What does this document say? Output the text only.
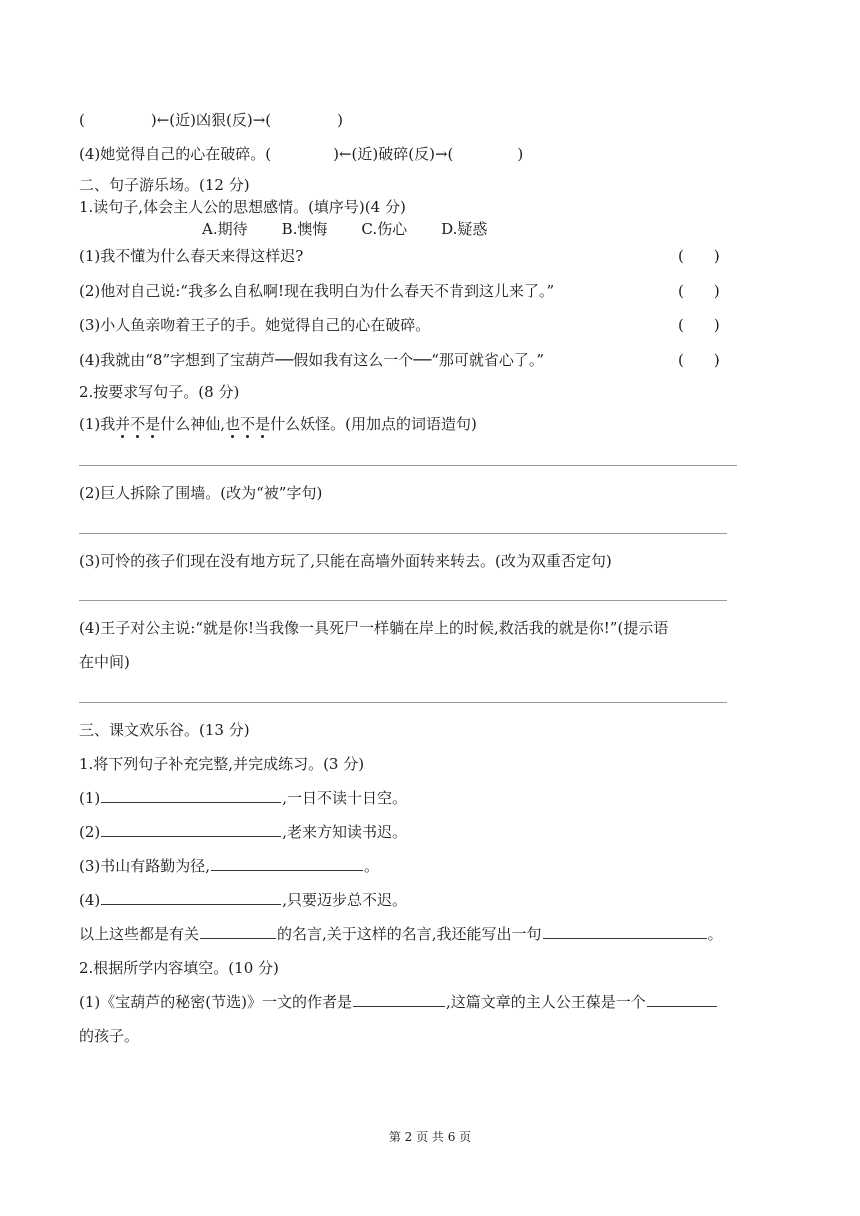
(	)←(近)凶狠(反)→(	)
(4)她觉得自己的心在破碎。(	)←(近)破碎(反)→(	)
二、句子游乐场。(12 分)
1.读句子,体会主人公的思想感情。(填序号)(4 分)
A.期待 B.懊悔 C.伤心 D.疑惑
(1)我不懂为什么春天来得这样迟?	(　　)
(2)他对自己说:“我多么自私啊!现在我明白为什么春天不肯到这儿来了。”	(　　)
(3)小人鱼亲吻着王子的手。她觉得自己的心在破碎。	(　　)
(4)我就由“8”字想到了宝葫芦──假如我有这么一个──“那可就省心了。”	(　　)
2.按要求写句子。(8 分)
(1)我并不是什么神仙,也不是什么妖怪。(用加点的词语造句)
(2)巨人拆除了围墙。(改为“被”字句)
(3)可怜的孩子们现在没有地方玩了,只能在高墙外面转来转去。(改为双重否定句)
(4)王子对公主说:“就是你!当我像一具死尸一样躺在岸上的时候,救活我的就是你!”(提示语
在中间)
三、课文欢乐谷。(13 分)
1.将下列句子补充完整,并完成练习。(3 分)
(1)	,一日不读十日空。
(2)	,老来方知读书迟。
(3)书山有路勤为径,	。
(4)	,只要迈步总不迟。
以上这些都是有关	的名言,关于这样的名言,我还能写出一句	。
2.根据所学内容填空。(10 分)
(1)《宝葫芦的秘密(节选)》一文的作者是	,这篇文章的主人公王葆是一个
的孩子。
第 2 页 共 6 页
